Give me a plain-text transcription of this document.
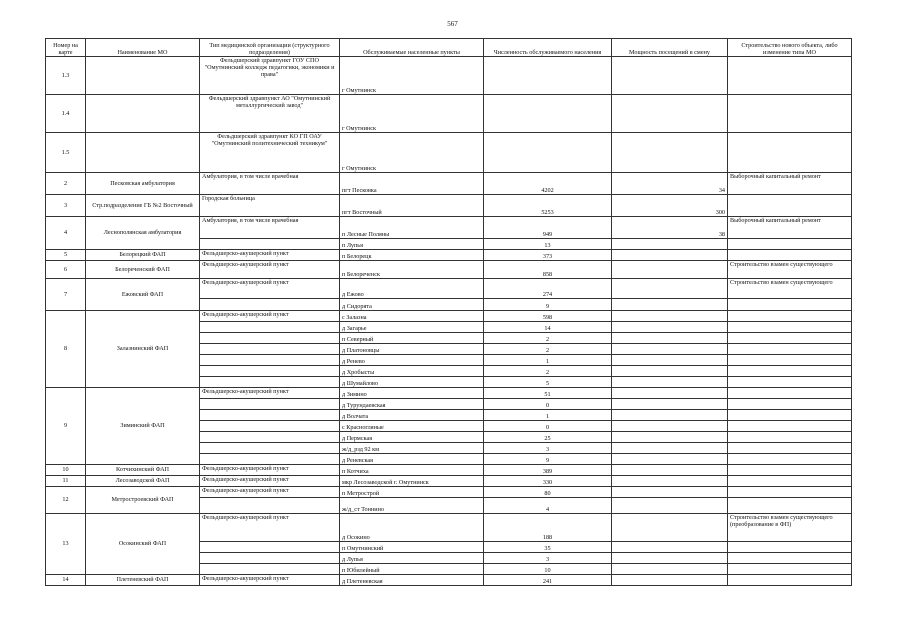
567
Номер на карте	Наименование МО	Тип медицинской организации (структурного подразделения)	Обслуживаемые населенные пункты	Численность обслуживаемого населения	Мощность посещений в смену	Строительство нового объекта, либо изменение типа МО
1.3		Фельдшерский здравпункт ГОУ СПО "Омутнинский колледж педагогики, экономики и права"	г Омутнинск			
1.4		Фельдшерский здравпункт АО "Омутнинский металлургический завод"	г Омутнинск			
1.5		Фельдшерский здравпункт КО ГП ОАУ "Омутнинский политехнический техникум"	г Омутнинск			
2	Песковская амбулатория	Амбулатория, в том числе врачебная	пгт Песковка	4202	34	Выборочный капитальный ремонт
3	Стр.подразделение ГБ №2 Восточный	Городская больница	пгт Восточный	5253	300	
4	Леснополянская амбулатория	Амбулатория, в том числе врачебная	п Лесные Поляны	949	38	Выборочный капитальный ремонт
			п Лупья	13		
5	Белорецкий ФАП	Фельдшерско-акушерский пункт	п Белорецк	373		
6	Белореченский ФАП	Фельдшерско-акушерский пункт	п Белореченск	858		Строительство взамен существующего
7	Ежовский ФАП	Фельдшерско-акушерский пункт	д Ежово	274		Строительство взамен существующего
			д Сидорята	9		
8	Залазнинский ФАП	Фельдшерско-акушерский пункт	с Залазна	598		
			д Загарье	14		
			п Северный	2		
			д Платоновцы	2		
			д Ренево	1		
			д Хробысты	2		
			д Шумайлово	5		
9	Зиминский ФАП	Фельдшерско-акушерский пункт	д Зимино	51		
			д Турундаевская	0		
			д Волчата	1		
			с Красногляные	0		
			д Пермская	25		
			ж/д_рзд 92 км	3		
			д Реневская	9		
10	Котчихинский ФАП	Фельдшерско-акушерский пункт	п Котчиха	389		
11	Лесозаводской ФАП	Фельдшерско-акушерский пункт	мкр Лесозаводской г. Омутнинск	330		
12	Метростроевский ФАП	Фельдшерско-акушерский пункт	п Метрострой	80		
			ж/д_ст Тоннино	4		
13	Осокинский ФАП	Фельдшерско-акушерский пункт	д Осокино	188		Строительство взамен существующего (преобразование в ФП)
			п Омутнинский	35		
			д Лупья	3		
			п Юбилейный	10		
14	Плетеневский ФАП	Фельдшерско-акушерский пункт	д Плетеневская	241		
